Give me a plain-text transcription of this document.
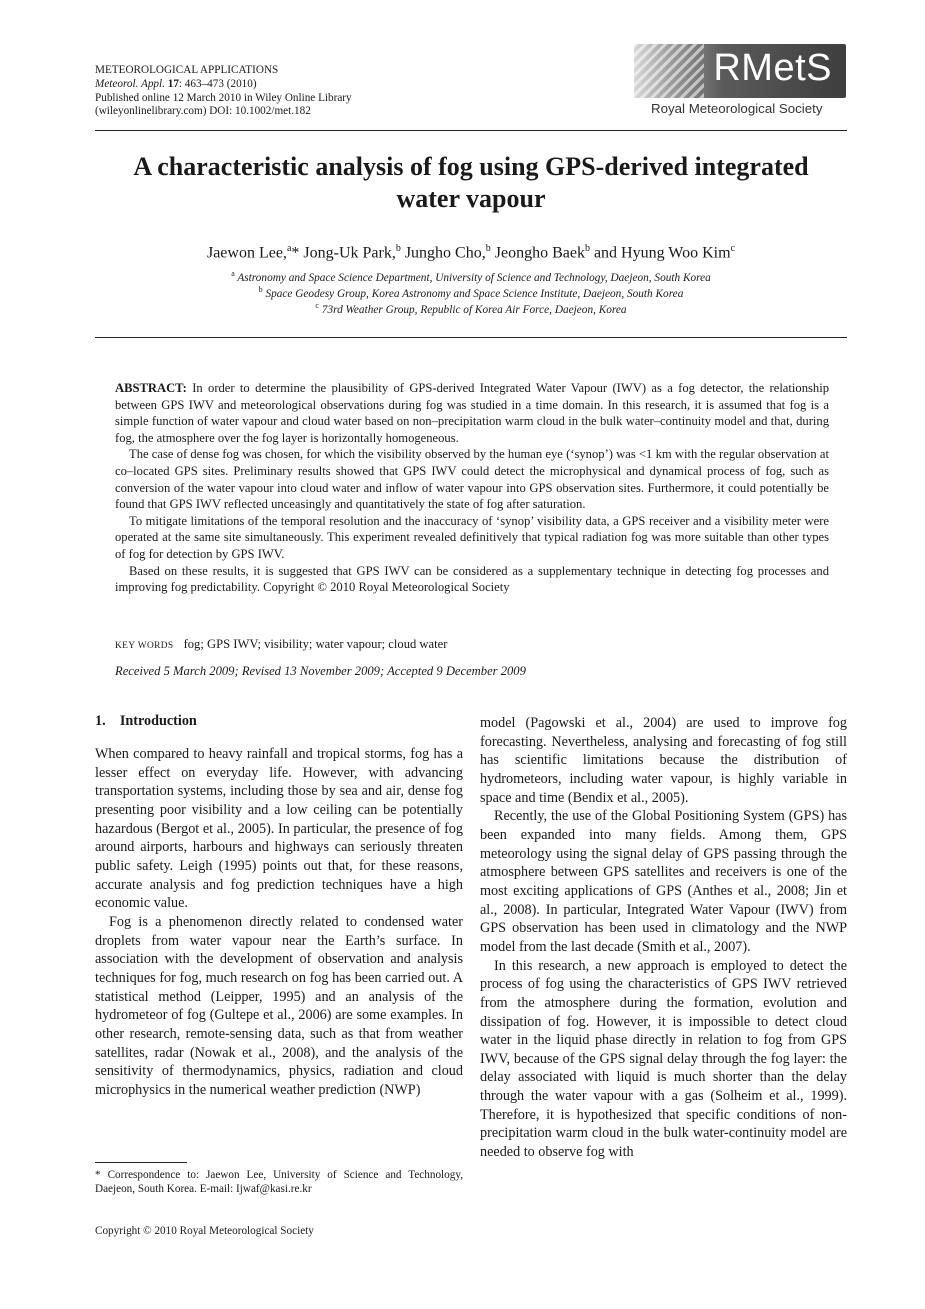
METEOROLOGICAL APPLICATIONS
Meteorol. Appl. 17: 463–473 (2010)
Published online 12 March 2010 in Wiley Online Library
(wileyonlinelibrary.com) DOI: 10.1002/met.182
RMetS
Royal Meteorological Society
A characteristic analysis of fog using GPS-derived integrated
water vapour
Jaewon Lee,$^a$* Jong-Uk Park,$^b$ Jungho Cho,$^b$ Jeongho Baek$^b$ and Hyung Woo Kim$^c$
$^a$ Astronomy and Space Science Department, University of Science and Technology, Daejeon, South Korea
$^b$ Space Geodesy Group, Korea Astronomy and Space Science Institute, Daejeon, South Korea
$^c$ 73rd Weather Group, Republic of Korea Air Force, Daejeon, Korea

ABSTRACT: In order to determine the plausibility of GPS-derived Integrated Water Vapour (IWV) as a fog detector, the relationship between GPS IWV and meteorological observations during fog was studied in a time domain. In this research, it is assumed that fog is a simple function of water vapour and cloud water based on non–precipitation warm cloud in the bulk water–continuity model and that, during fog, the atmosphere over the fog layer is horizontally homogeneous.

The case of dense fog was chosen, for which the visibility observed by the human eye (‘synop’) was <1 km with the regular observation at co–located GPS sites. Preliminary results showed that GPS IWV could detect the microphysical and dynamical process of fog, such as conversion of the water vapour into cloud water and inflow of water vapour into GPS observation sites. Furthermore, it could potentially be found that GPS IWV reflected unceasingly and quantitatively the state of fog after saturation.

To mitigate limitations of the temporal resolution and the inaccuracy of ‘synop’ visibility data, a GPS receiver and a visibility meter were operated at the same site simultaneously. This experiment revealed definitively that typical radiation fog was more suitable than other types of fog for detection by GPS IWV.

Based on these results, it is suggested that GPS IWV can be considered as a supplementary technique in detecting fog processes and improving fog predictability. Copyright © 2010 Royal Meteorological Society

KEY WORDS fog; GPS IWV; visibility; water vapour; cloud water
Received 5 March 2009; Revised 13 November 2009; Accepted 9 December 2009
1. Introduction

When compared to heavy rainfall and tropical storms, fog has a lesser effect on everyday life. However, with advancing transportation systems, including those by sea and air, dense fog presenting poor visibility and a low ceiling can be potentially hazardous (Bergot et al., 2005). In particular, the presence of fog around airports, harbours and highways can seriously threaten public safety. Leigh (1995) points out that, for these reasons, accurate analysis and fog prediction techniques have a high economic value.

Fog is a phenomenon directly related to condensed water droplets from water vapour near the Earth’s surface. In association with the development of observation and analysis techniques for fog, much research on fog has been carried out. A statistical method (Leipper, 1995) and an analysis of the hydrometeor of fog (Gultepe et al., 2006) are some examples. In other research, remote-sensing data, such as that from weather satellites, radar (Nowak et al., 2008), and the analysis of the sensitivity of thermodynamics, physics, radiation and cloud microphysics in the numerical weather prediction (NWP)

model (Pagowski et al., 2004) are used to improve fog forecasting. Nevertheless, analysing and forecasting of fog still has scientific limitations because the distribution of hydrometeors, including water vapour, is highly variable in space and time (Bendix et al., 2005).

Recently, the use of the Global Positioning System (GPS) has been expanded into many fields. Among them, GPS meteorology using the signal delay of GPS passing through the atmosphere between GPS satellites and receivers is one of the most exciting applications of GPS (Anthes et al., 2008; Jin et al., 2008). In particular, Integrated Water Vapour (IWV) from GPS observation has been used in climatology and the NWP model from the last decade (Smith et al., 2007).

In this research, a new approach is employed to detect the process of fog using the characteristics of GPS IWV retrieved from the atmosphere during the formation, evolution and dissipation of fog. However, it is impossible to detect cloud water in the liquid phase directly in relation to fog from GPS IWV, because of the GPS signal delay through the fog layer: the delay associated with liquid is much shorter than the delay through the water vapour with a gas (Solheim et al., 1999). Therefore, it is hypothesized that specific conditions of non-precipitation warm cloud in the bulk water-continuity model are needed to observe fog with

* Correspondence to: Jaewon Lee, University of Science and Technology, Daejeon, South Korea. E-mail: Ijwaf@kasi.re.kr
Copyright © 2010 Royal Meteorological Society
